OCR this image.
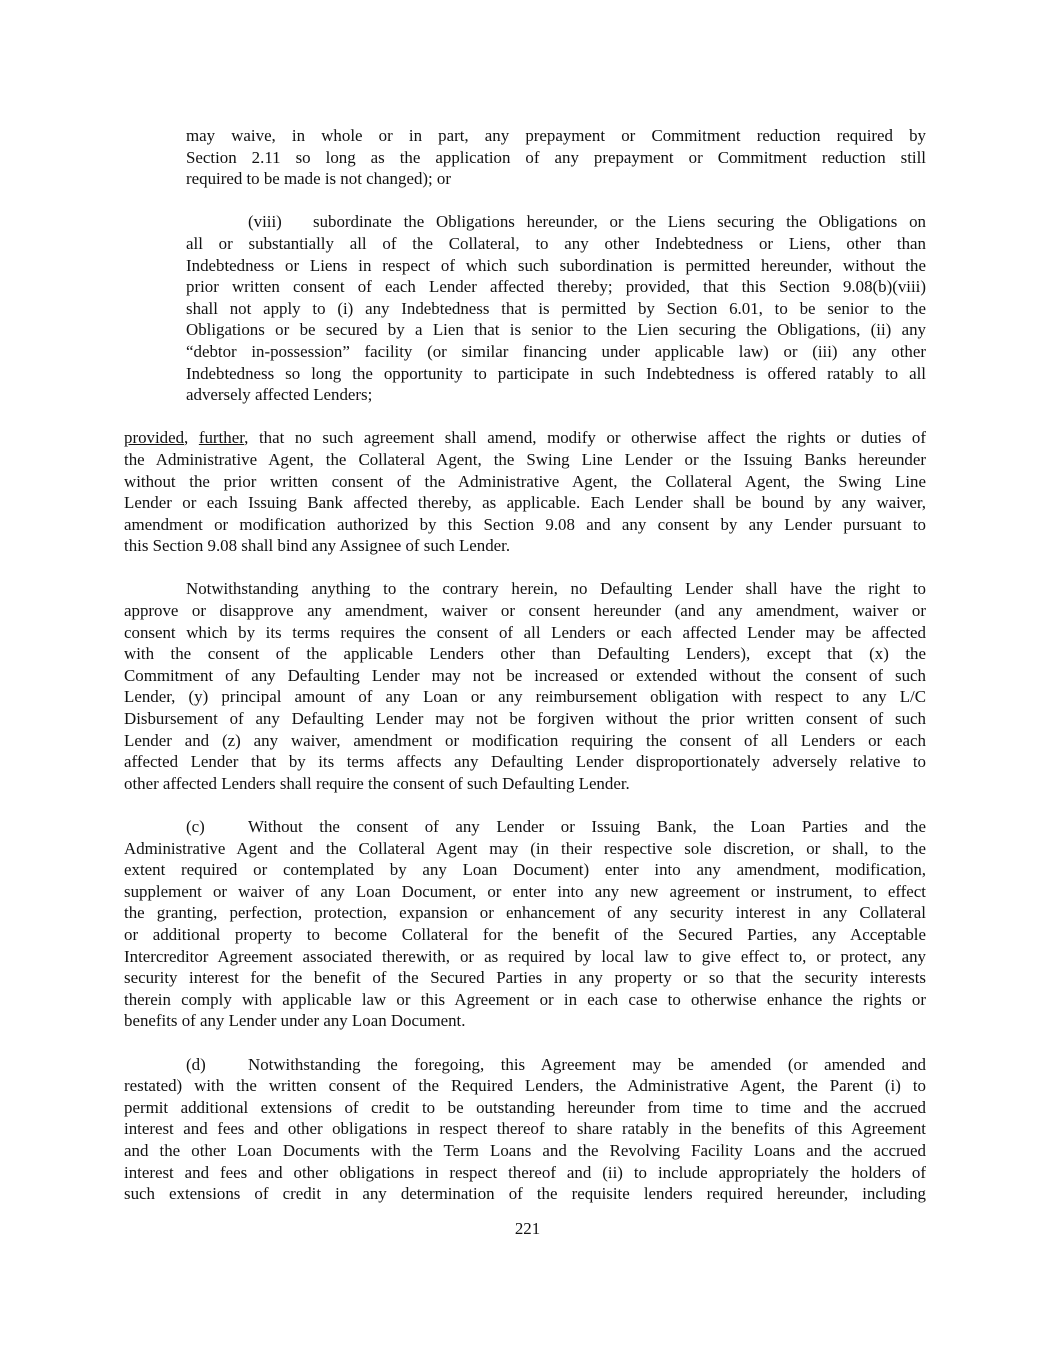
may waive, in whole or in part, any prepayment or Commitment reduction required by
Section 2.11 so long as the application of any prepayment or Commitment reduction still
required to be made is not changed); or
(viii)	subordinate the Obligations hereunder, or the Liens securing the Obligations on
all or substantially all of the Collateral, to any other Indebtedness or Liens, other than
Indebtedness or Liens in respect of which such subordination is permitted hereunder, without the
prior written consent of each Lender affected thereby; provided, that this Section 9.08(b)(viii)
shall not apply to (i) any Indebtedness that is permitted by Section 6.01, to be senior to the
Obligations or be secured by a Lien that is senior to the Lien securing the Obligations, (ii) any
“debtor in-possession” facility (or similar financing under applicable law) or (iii) any other
Indebtedness so long the opportunity to participate in such Indebtedness is offered ratably to all
adversely affected Lenders;
provided, further, that no such agreement shall amend, modify or otherwise affect the rights or duties of
the Administrative Agent, the Collateral Agent, the Swing Line Lender or the Issuing Banks hereunder
without the prior written consent of the Administrative Agent, the Collateral Agent, the Swing Line
Lender or each Issuing Bank affected thereby, as applicable. Each Lender shall be bound by any waiver,
amendment or modification authorized by this Section 9.08 and any consent by any Lender pursuant to
this Section 9.08 shall bind any Assignee of such Lender.
Notwithstanding anything to the contrary herein, no Defaulting Lender shall have the right to
approve or disapprove any amendment, waiver or consent hereunder (and any amendment, waiver or
consent which by its terms requires the consent of all Lenders or each affected Lender may be affected
with the consent of the applicable Lenders other than Defaulting Lenders), except that (x) the
Commitment of any Defaulting Lender may not be increased or extended without the consent of such
Lender, (y) principal amount of any Loan or any reimbursement obligation with respect to any L/C
Disbursement of any Defaulting Lender may not be forgiven without the prior written consent of such
Lender and (z) any waiver, amendment or modification requiring the consent of all Lenders or each
affected Lender that by its terms affects any Defaulting Lender disproportionately adversely relative to
other affected Lenders shall require the consent of such Defaulting Lender.
(c)	Without the consent of any Lender or Issuing Bank, the Loan Parties and the
Administrative Agent and the Collateral Agent may (in their respective sole discretion, or shall, to the
extent required or contemplated by any Loan Document) enter into any amendment, modification,
supplement or waiver of any Loan Document, or enter into any new agreement or instrument, to effect
the granting, perfection, protection, expansion or enhancement of any security interest in any Collateral
or additional property to become Collateral for the benefit of the Secured Parties, any Acceptable
Intercreditor Agreement associated therewith, or as required by local law to give effect to, or protect, any
security interest for the benefit of the Secured Parties in any property or so that the security interests
therein comply with applicable law or this Agreement or in each case to otherwise enhance the rights or
benefits of any Lender under any Loan Document.
(d)	Notwithstanding the foregoing, this Agreement may be amended (or amended and
restated) with the written consent of the Required Lenders, the Administrative Agent, the Parent (i) to
permit additional extensions of credit to be outstanding hereunder from time to time and the accrued
interest and fees and other obligations in respect thereof to share ratably in the benefits of this Agreement
and the other Loan Documents with the Term Loans and the Revolving Facility Loans and the accrued
interest and fees and other obligations in respect thereof and (ii) to include appropriately the holders of
such extensions of credit in any determination of the requisite lenders required hereunder, including
221
